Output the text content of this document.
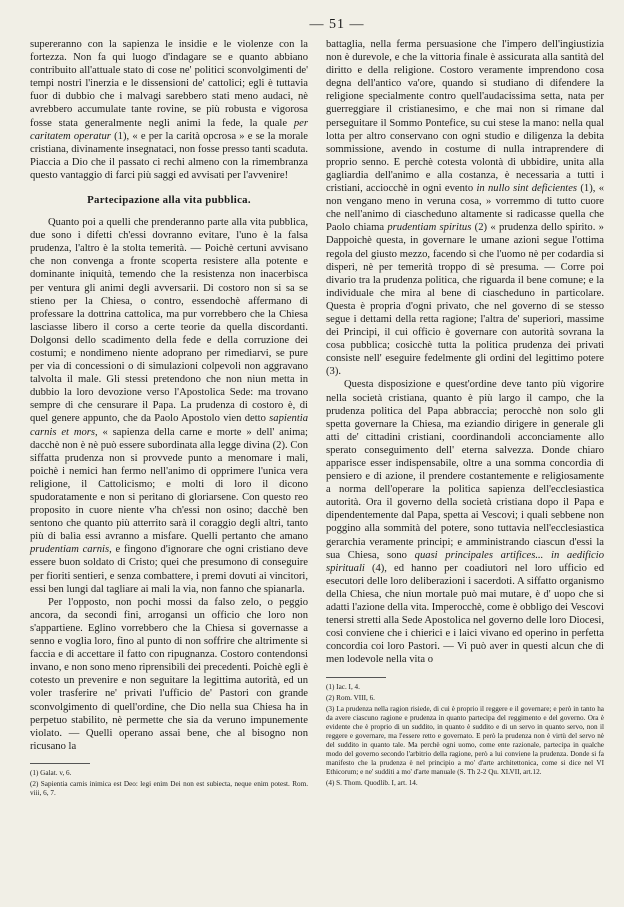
— 51 —

supereranno con la sapienza le insidie e le violenze con la fortezza. Non fa qui luogo d'indagare se e quanto abbiano contribuito all'attuale stato di cose ne' politici sconvolgimenti de' tempi nostri l'inerzia e le dissensioni de' cattolici; egli è tuttavia fuor di dubbio che i malvagi sarebbero stati meno audaci, nè avrebbero accumulate tante rovine, se più robusta e vigorosa fosse stata generalmente negli animi la fede, la quale per caritatem operatur (1), « e per la carità opcrosa » e se la morale cristiana, divinamente insegnataci, non fosse presso tanti scaduta. Piaccia a Dio che il passato ci rechi almeno con la rimembranza questo vantaggio di farci più saggi ed avvisati per l'avvenire!

Partecipazione alla vita pubblica.

Quanto poi a quelli che prenderanno parte alla vita pubblica, due sono i difetti ch'essi dovranno evitare, l'uno è la falsa prudenza, l'altro è la stolta temerità. — Poichè certuni avvisano che non convenga a fronte scoperta resistere alla potente e dominante iniquità, temendo che la resistenza non inacerbisca per ventura gli animi degli avversarii. Di costoro non si sa se stieno per la Chiesa, o contro, essendochè affermano di professare la dottrina cattolica, ma pur vorrebbero che la Chiesa lasciasse libero il corso a certe teorie da quella discordanti. Dolgonsi dello scadimento della fede e della corruzione dei costumi; e nondimeno niente adoprano per rimediarvi, se pure per via di concessioni o di simulazioni colpevoli non aggravano talvolta il male. Gli stessi pretendono che non niun metta in dubbio la loro devozione verso l'Apostolica Sede: ma trovano sempre di che censurare il Papa. La prudenza di costoro è, di quel genere appunto, che da Paolo Apostolo vien detto sapientia carnis et mors, « sapienza della carne e morte » dell' anima; dacchè non è nè può essere subordinata alla legge divina (2). Con siffatta prudenza non si provvede punto a menomare i mali, poichè i nemici han fermo nell'animo di opprimere l'unica vera religione, il Cattolicismo; e molti di loro il dicono spudoratamente e non si peritano di gloriarsene. Con questo reo proposito in cuore niente v'ha ch'essi non osino; dacchè ben sentono che quanto più atterrito sarà il coraggio degli altri, tanto più di balìa essi avranno a misfare. Quelli pertanto che amano prudentiam carnis, e fingono d'ignorare che ogni cristiano deve essere buon soldato di Cristo; quei che presumono di conseguire per fioriti sentieri, e senza combattere, i premi dovuti ai vincitori, essi ben lungi dal tagliare ai mali la via, non fanno che spianarla.

Per l'opposto, non pochi mossi da falso zelo, o peggio ancora, da secondi fini, arrogansi un officio che loro non s'appartiene. Eglino vorrebbero che la Chiesa si governasse a senno e voglia loro, fino al punto di non soffrire che altrimente si faccia e di accettare il fatto con ripugnanza. Costoro contendonsi invano, e non sono meno riprensibili dei precedenti. Poichè egli è cotesto un prevenire e non seguitare la legittima autorità, ed un voler trasferire ne' privati l'ufficio de' Pastori con grande sconvolgimento di quell'ordine, che Dio nella sua Chiesa ha in perpetuo stabilito, nè permette che sia da veruno impunemente violato. — Quelli operano assai bene, che al bisogno non ricusano la

(1) Galat. v, 6.
(2) Sapientia carnis inimica est Deo: legi enim Dei non est subiecta, neque enim potest. Rom. viii, 6, 7.

battaglia, nella ferma persuasione che l'impero dell'ingiustizia non è durevole, e che la vittoria finale è assicurata alla santità del diritto e della religione. Costoro veramente imprendono cosa degna dell'antico va'ore, quando si studiano di difendere la religione specialmente contro quell'audacissima setta, nata per guerreggiare il cristianesimo, e che mai non si rimane dal perseguitare il Sommo Pontefice, su cui stese la mano: nella qual lotta per altro conservano con ogni studio e diligenza la debita sommissione, avendo in costume di nulla intraprendere di proprio senno. E perchè cotesta volontà di ubbidire, unita alla gagliardia dell'animo e alla costanza, è necessaria a tutti i cristiani, acciocchè in ogni evento in nullo sint deficientes (1), « non vengano meno in veruna cosa, » vorremmo di tutto cuore che nell'animo di ciascheduno altamente si radicasse quella che Paolo chiama prudentiam spiritus (2) « prudenza dello spirito. » Dappoichè questa, in governare le umane azioni segue l'ottima regola del giusto mezzo, facendo sì che l'uomo nè per codardia si disperi, nè per temerità troppo di sè presuma. — Corre poi divario tra la prudenza politica, che riguarda il bene comune; e la individuale che mira al bene di ciascheduno in particolare. Questa è propria d'ogni privato, che nel governo di se stesso segue i dettami della retta ragione; l'altra de' superiori, massime dei Principi, il cui officio è governare con autorità sovrana la cosa pubblica; cosicchè tutta la politica prudenza dei privati consiste nell' eseguire fedelmente gli ordini del legittimo potere (3).

Questa disposizione e quest'ordine deve tanto più vigorire nella società cristiana, quanto è più largo il campo, che la prudenza politica del Papa abbraccia; perocchè non solo gli spetta governare la Chiesa, ma eziandio dirigere in generale gli atti de' cittadini cristiani, coordinandoli acconciamente allo sperato conseguimento dell' eterna salvezza. Donde chiaro apparisce esser indispensabile, oltre a una somma concordia di pensiero e di azione, il prendere costantemente e religiosamente a norma dell'operare la politica sapienza dell'ecclesiastica autorità. Ora il governo della società cristiana dopo il Papa e dipendentemente dal Papa, spetta ai Vescovi; i quali sebbene non poggino alla sommità del potere, sono tuttavia nell'ecclesiastica gerarchia veramente principi; e amministrando ciascun d'essi la sua Chiesa, sono quasi principales artifices... in aedificio spirituali (4), ed hanno per coadiutori nel loro ufficio ed esecutori delle loro deliberazioni i sacerdoti. A siffatto organismo della Chiesa, che niun mortale può mai mutare, è d' uopo che si adatti l'azione della vita. Imperocchè, come è obbligo dei Vescovi tenersi stretti alla Sede Apostolica nel governo delle loro Diocesi, così conviene che i chierici e i laici vivano ed operino in perfetta concordia coi loro Pastori. — Vi può aver in questi alcun che di men lodevole nella vita o

(1) Iac. I, 4.
(2) Rom. VIII, 6.
(3) La prudenza nella ragion risiede, di cui è proprio il reggere e il governare; e però in tanto ha da avere ciascuno ragione e prudenza in quanto partecipa del reggimento e del governo. Ora è evidente che è proprio di un suddito, in quanto è suddito e di un servo in quanto servo, non il reggere e governare, ma l'essere retto e governato. E però la prudenza non è virtù del servo nè del suddito in quanto tale. Ma perchè ogni uomo, come ente razionale, partecipa in qualche modo del governo secondo l'arbitrio della ragione, però a lui conviene la prudenza. Donde si fa manifesto che la prudenza è nel principio a mo' d'arte architettonica, come si dice nel VI Ethicorum; e ne' sudditi a mo' d'arte manuale (S. Th 2-2 Qu. XLVII, art.12.
(4) S. Thom. Quodlib. I, art. 14.
